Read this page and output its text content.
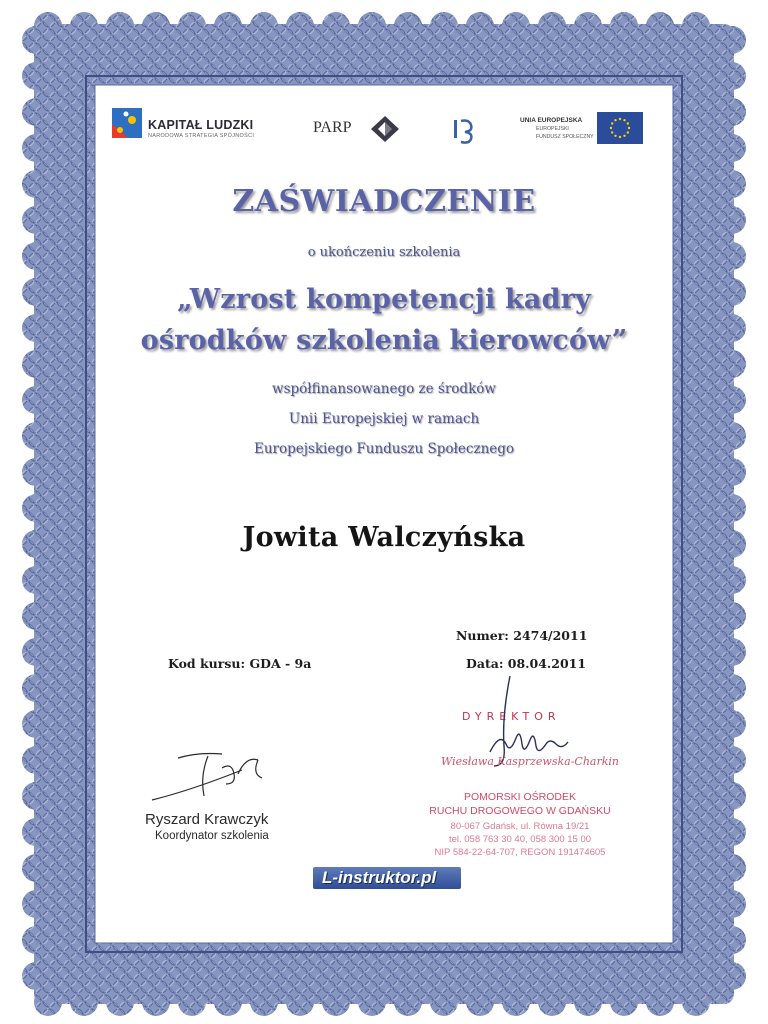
KAPITAŁ LUDZKI
NARODOWA STRATEGIA SPÓJNOŚCI	PARP	UNIA EUROPEJSKA
EUROPEJSKI
FUNDUSZ SPOŁECZNY
ZAŚWIADCZENIE
o ukończeniu szkolenia
„Wzrost kompetencji kadry
ośrodków szkolenia kierowców”
współfinansowanego ze środków
Unii Europejskiej w ramach
Europejskiego Funduszu Społecznego
Jowita Walczyńska
Numer: 2474/2011
Kod kursu: GDA - 9a	Data: 08.04.2011
DYREKTOR
Wiesława Kasprzewska-Charkin
POMORSKI OŚRODEK
RUCHU DROGOWEGO W GDAŃSKU
80-067 Gdańsk, ul. Równa 19/21
tel. 058 763 30 40, 058 300 15 00
NIP 584-22-64-707, REGON 191474605
Ryszard Krawczyk
Koordynator szkolenia
L-instruktor.pl
